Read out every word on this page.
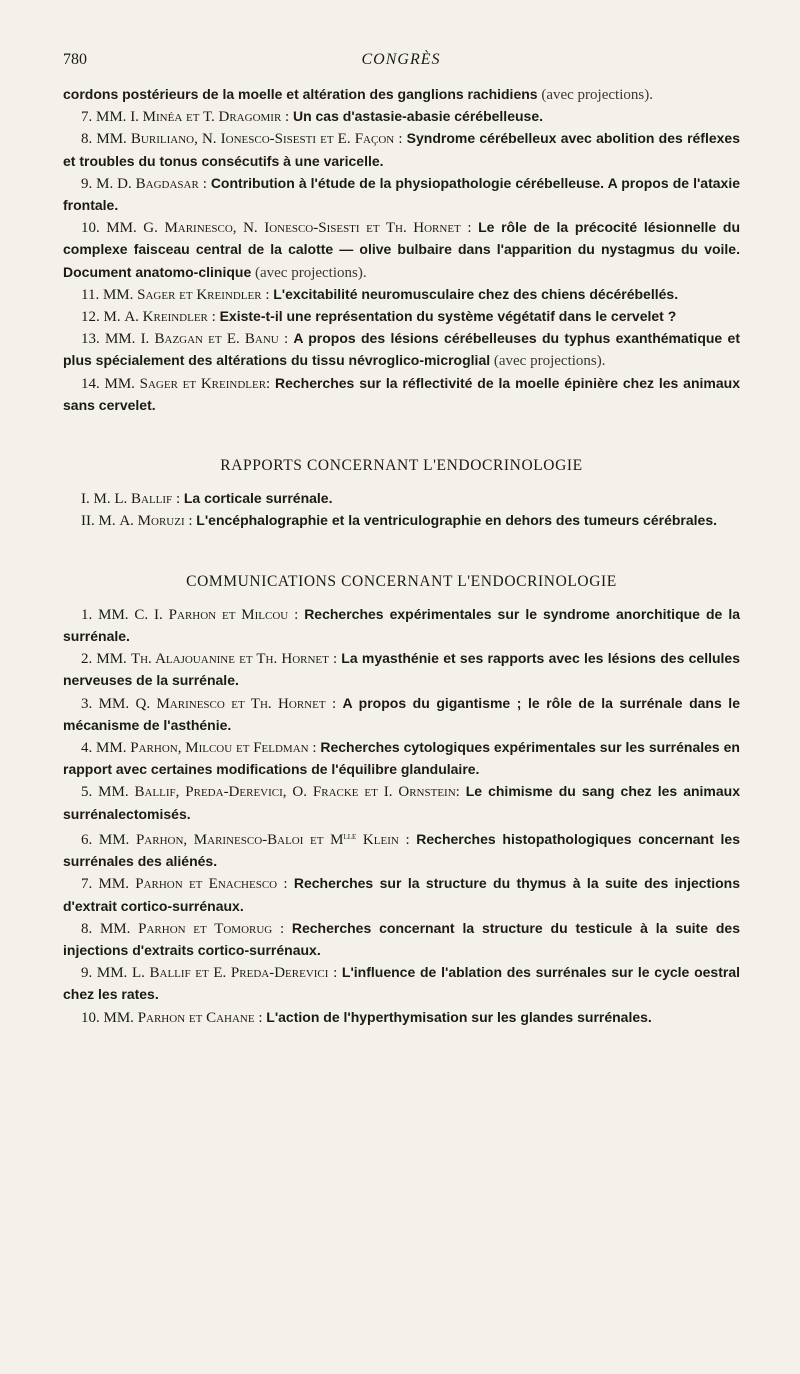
780	CONGRÈS

cordons postérieurs de la moelle et altération des ganglions rachidiens (avec projections).

7. MM. I. Minéa et T. Dragomir : Un cas d'astasie-abasie cérébelleuse.

8. MM. Buriliano, N. Ionesco-Sisesti et E. Façon : Syndrome cérébelleux avec abolition des réflexes et troubles du tonus consécutifs à une varicelle.

9. M. D. Bagdasar : Contribution à l'étude de la physiopathologie cérébelleuse. A propos de l'ataxie frontale.

10. MM. G. Marinesco, N. Ionesco-Sisesti et Th. Hornet : Le rôle de la précocité lésionnelle du complexe faisceau central de la calotte — olive bulbaire dans l'apparition du nystagmus du voile. Document anatomo-clinique (avec projections).

11. MM. Sager et Kreindler : L'excitabilité neuromusculaire chez des chiens décérébellés.

12. M. A. Kreindler : Existe-t-il une représentation du système végétatif dans le cervelet ?

13. MM. I. Bazgan et E. Banu : A propos des lésions cérébelleuses du typhus exanthématique et plus spécialement des altérations du tissu névroglico-microglial (avec projections).

14. MM. Sager et Kreindler: Recherches sur la réflectivité de la moelle épinière chez les animaux sans cervelet.

RAPPORTS CONCERNANT L'ENDOCRINOLOGIE

I. M. L. Ballif : La corticale surrénale.

II. M. A. Moruzi : L'encéphalographie et la ventriculographie en dehors des tumeurs cérébrales.

COMMUNICATIONS CONCERNANT L'ENDOCRINOLOGIE

1. MM. C. I. Parhon et Milcou : Recherches expérimentales sur le syndrome anorchitique de la surrénale.

2. MM. Th. Alajouanine et Th. Hornet : La myasthénie et ses rapports avec les lésions des cellules nerveuses de la surrénale.

3. MM. Q. Marinesco et Th. Hornet : A propos du gigantisme ; le rôle de la surrénale dans le mécanisme de l'asthénie.

4. MM. Parhon, Milcou et Feldman : Recherches cytologiques expérimentales sur les surrénales en rapport avec certaines modifications de l'équilibre glandulaire.

5. MM. Ballif, Preda-Derevici, O. Fracke et I. Ornstein: Le chimisme du sang chez les animaux surrénalectomisés.

6. MM. Parhon, Marinesco-Baloi et $M^{lle}$ Klein : Recherches histopathologiques concernant les surrénales des aliénés.

7. MM. Parhon et Enachesco : Recherches sur la structure du thymus à la suite des injections d'extrait cortico-surrénaux.

8. MM. Parhon et Tomorug : Recherches concernant la structure du testicule à la suite des injections d'extraits cortico-surrénaux.

9. MM. L. Ballif et E. Preda-Derevici : L'influence de l'ablation des surrénales sur le cycle oestral chez les rates.

10. MM. Parhon et Cahane : L'action de l'hyperthymisation sur les glandes surrénales.
